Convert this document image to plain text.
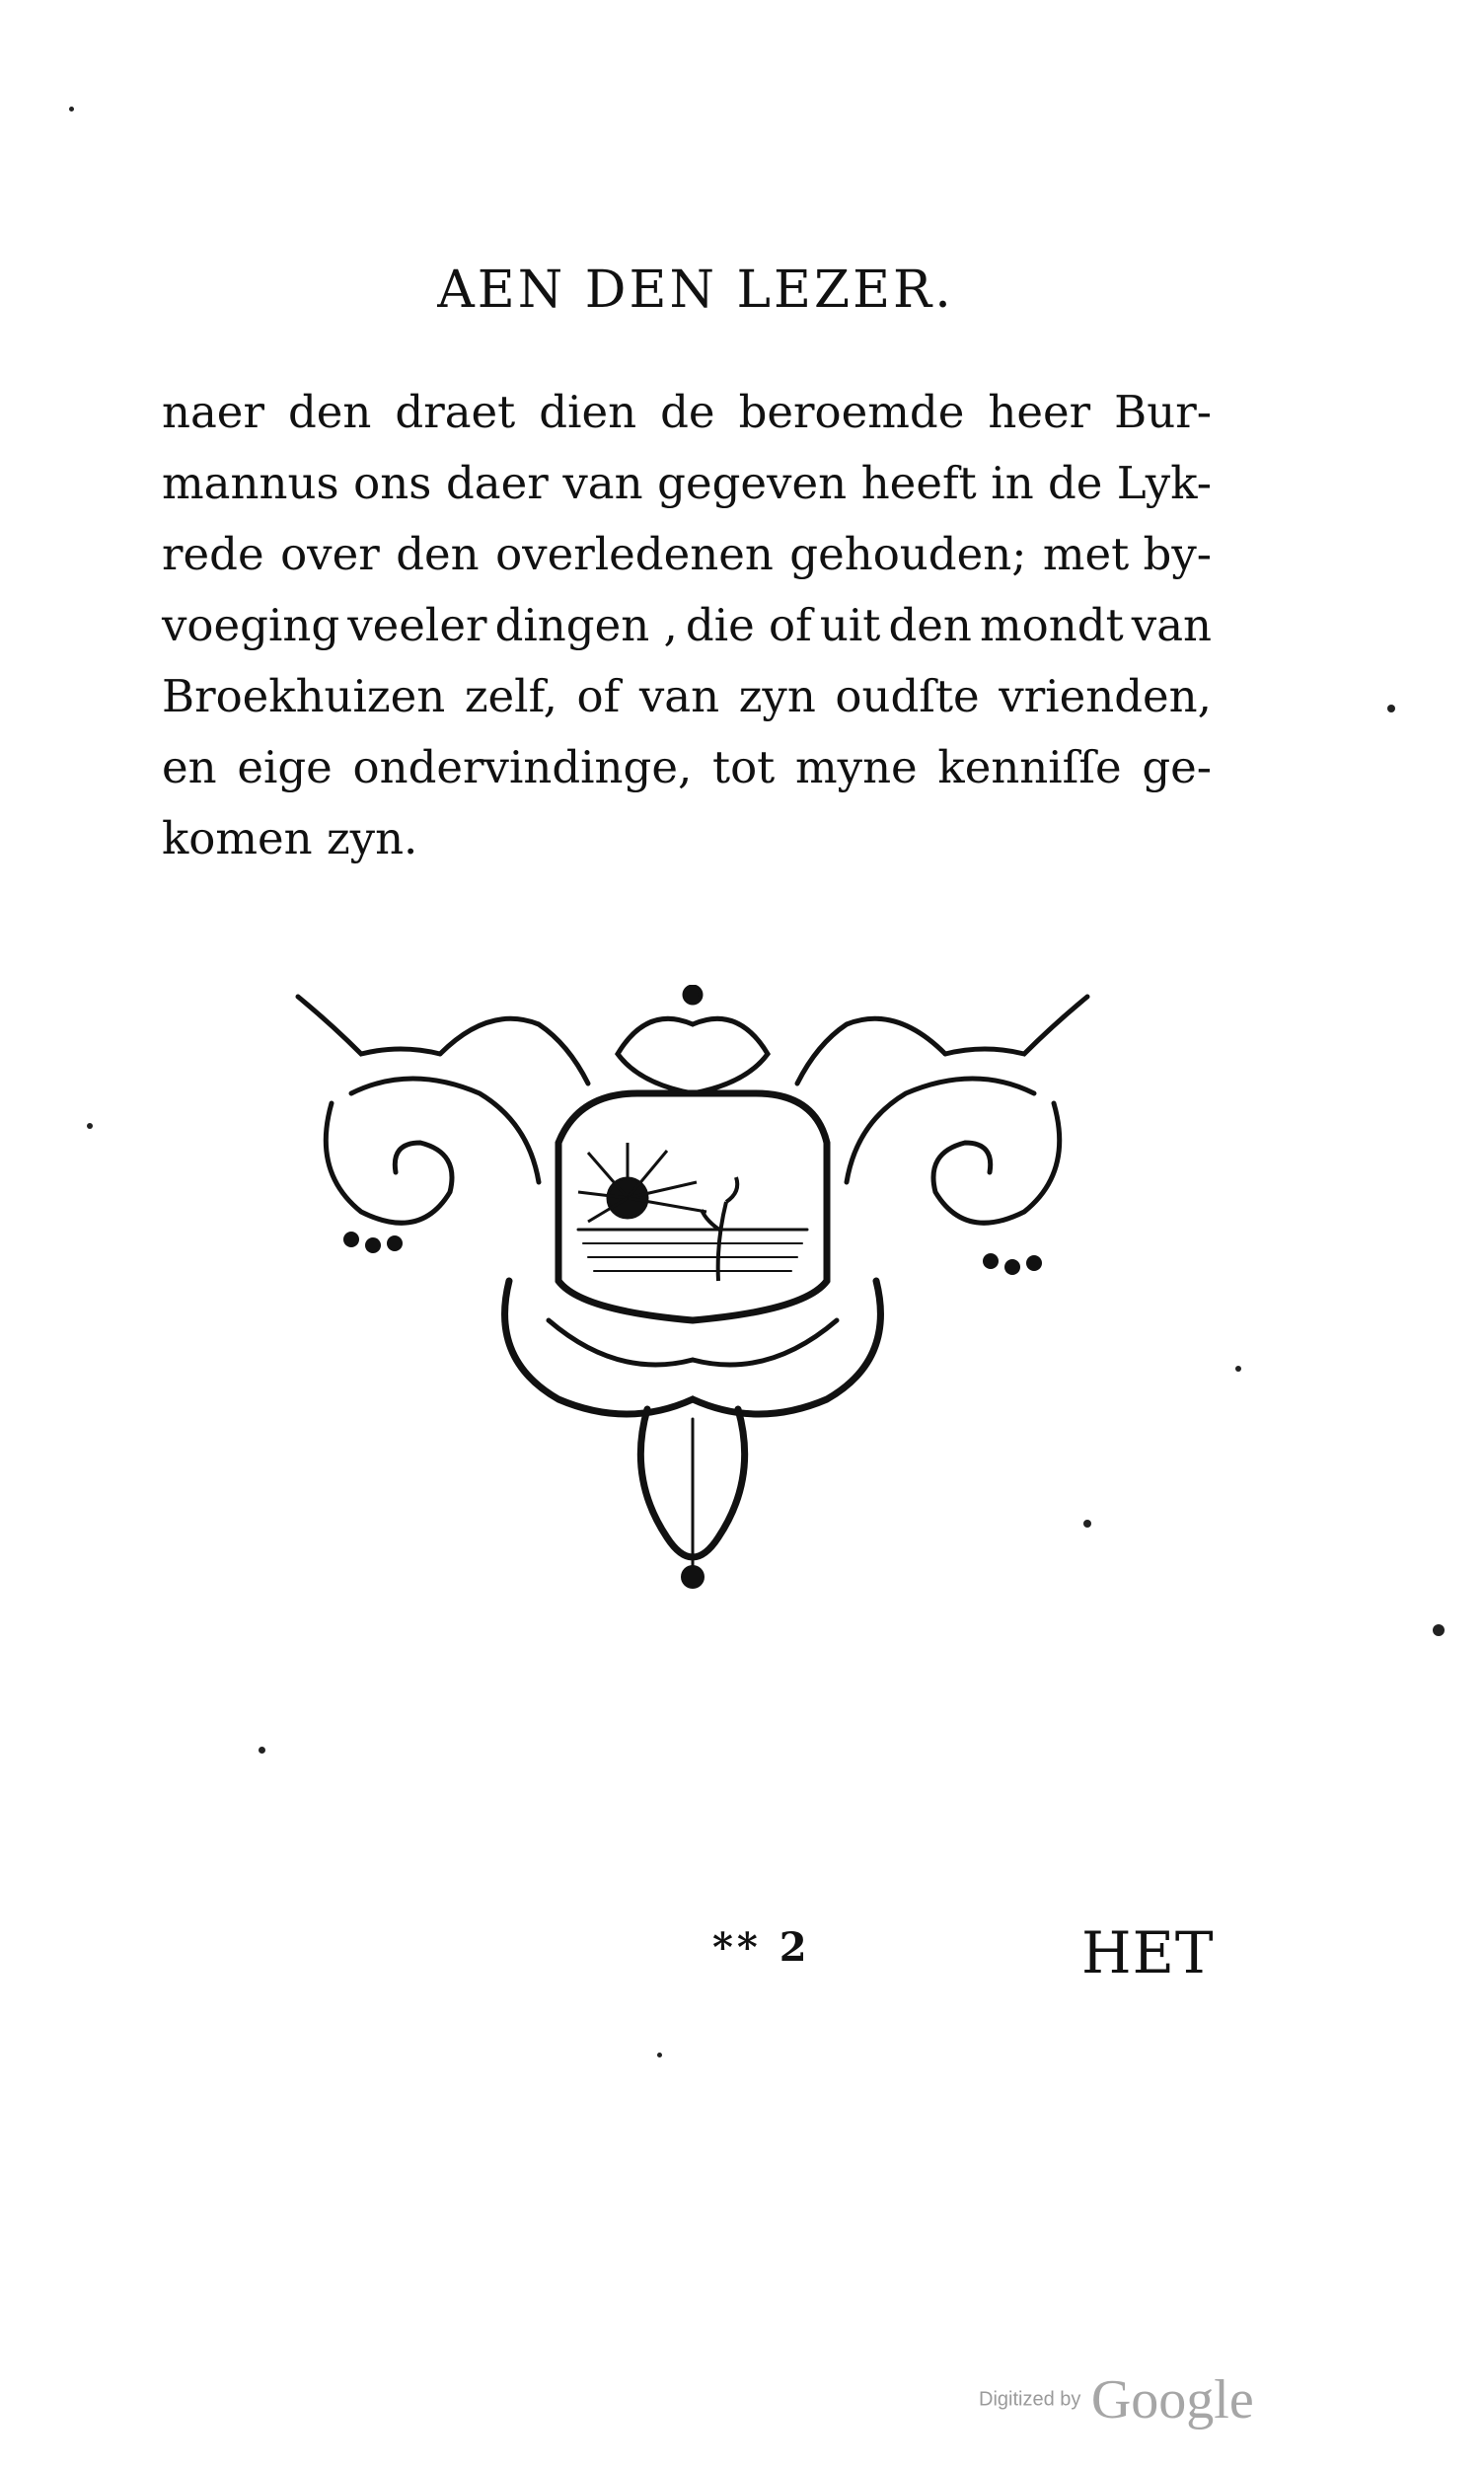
AEN DEN LEZER.
naer den draet dien de beroemde heer Bur-
mannus ons daer van gegeven heeft in de Lyk-
rede over den overledenen gehouden; met by-
voeging veeler dingen , die of uit den mondt van
Broekhuizen zelf, of van zyn oudſte vrienden,
en eige ondervindinge, tot myne kenniſſe ge-
komen zyn.
** 2	HET
Digitized by Google
